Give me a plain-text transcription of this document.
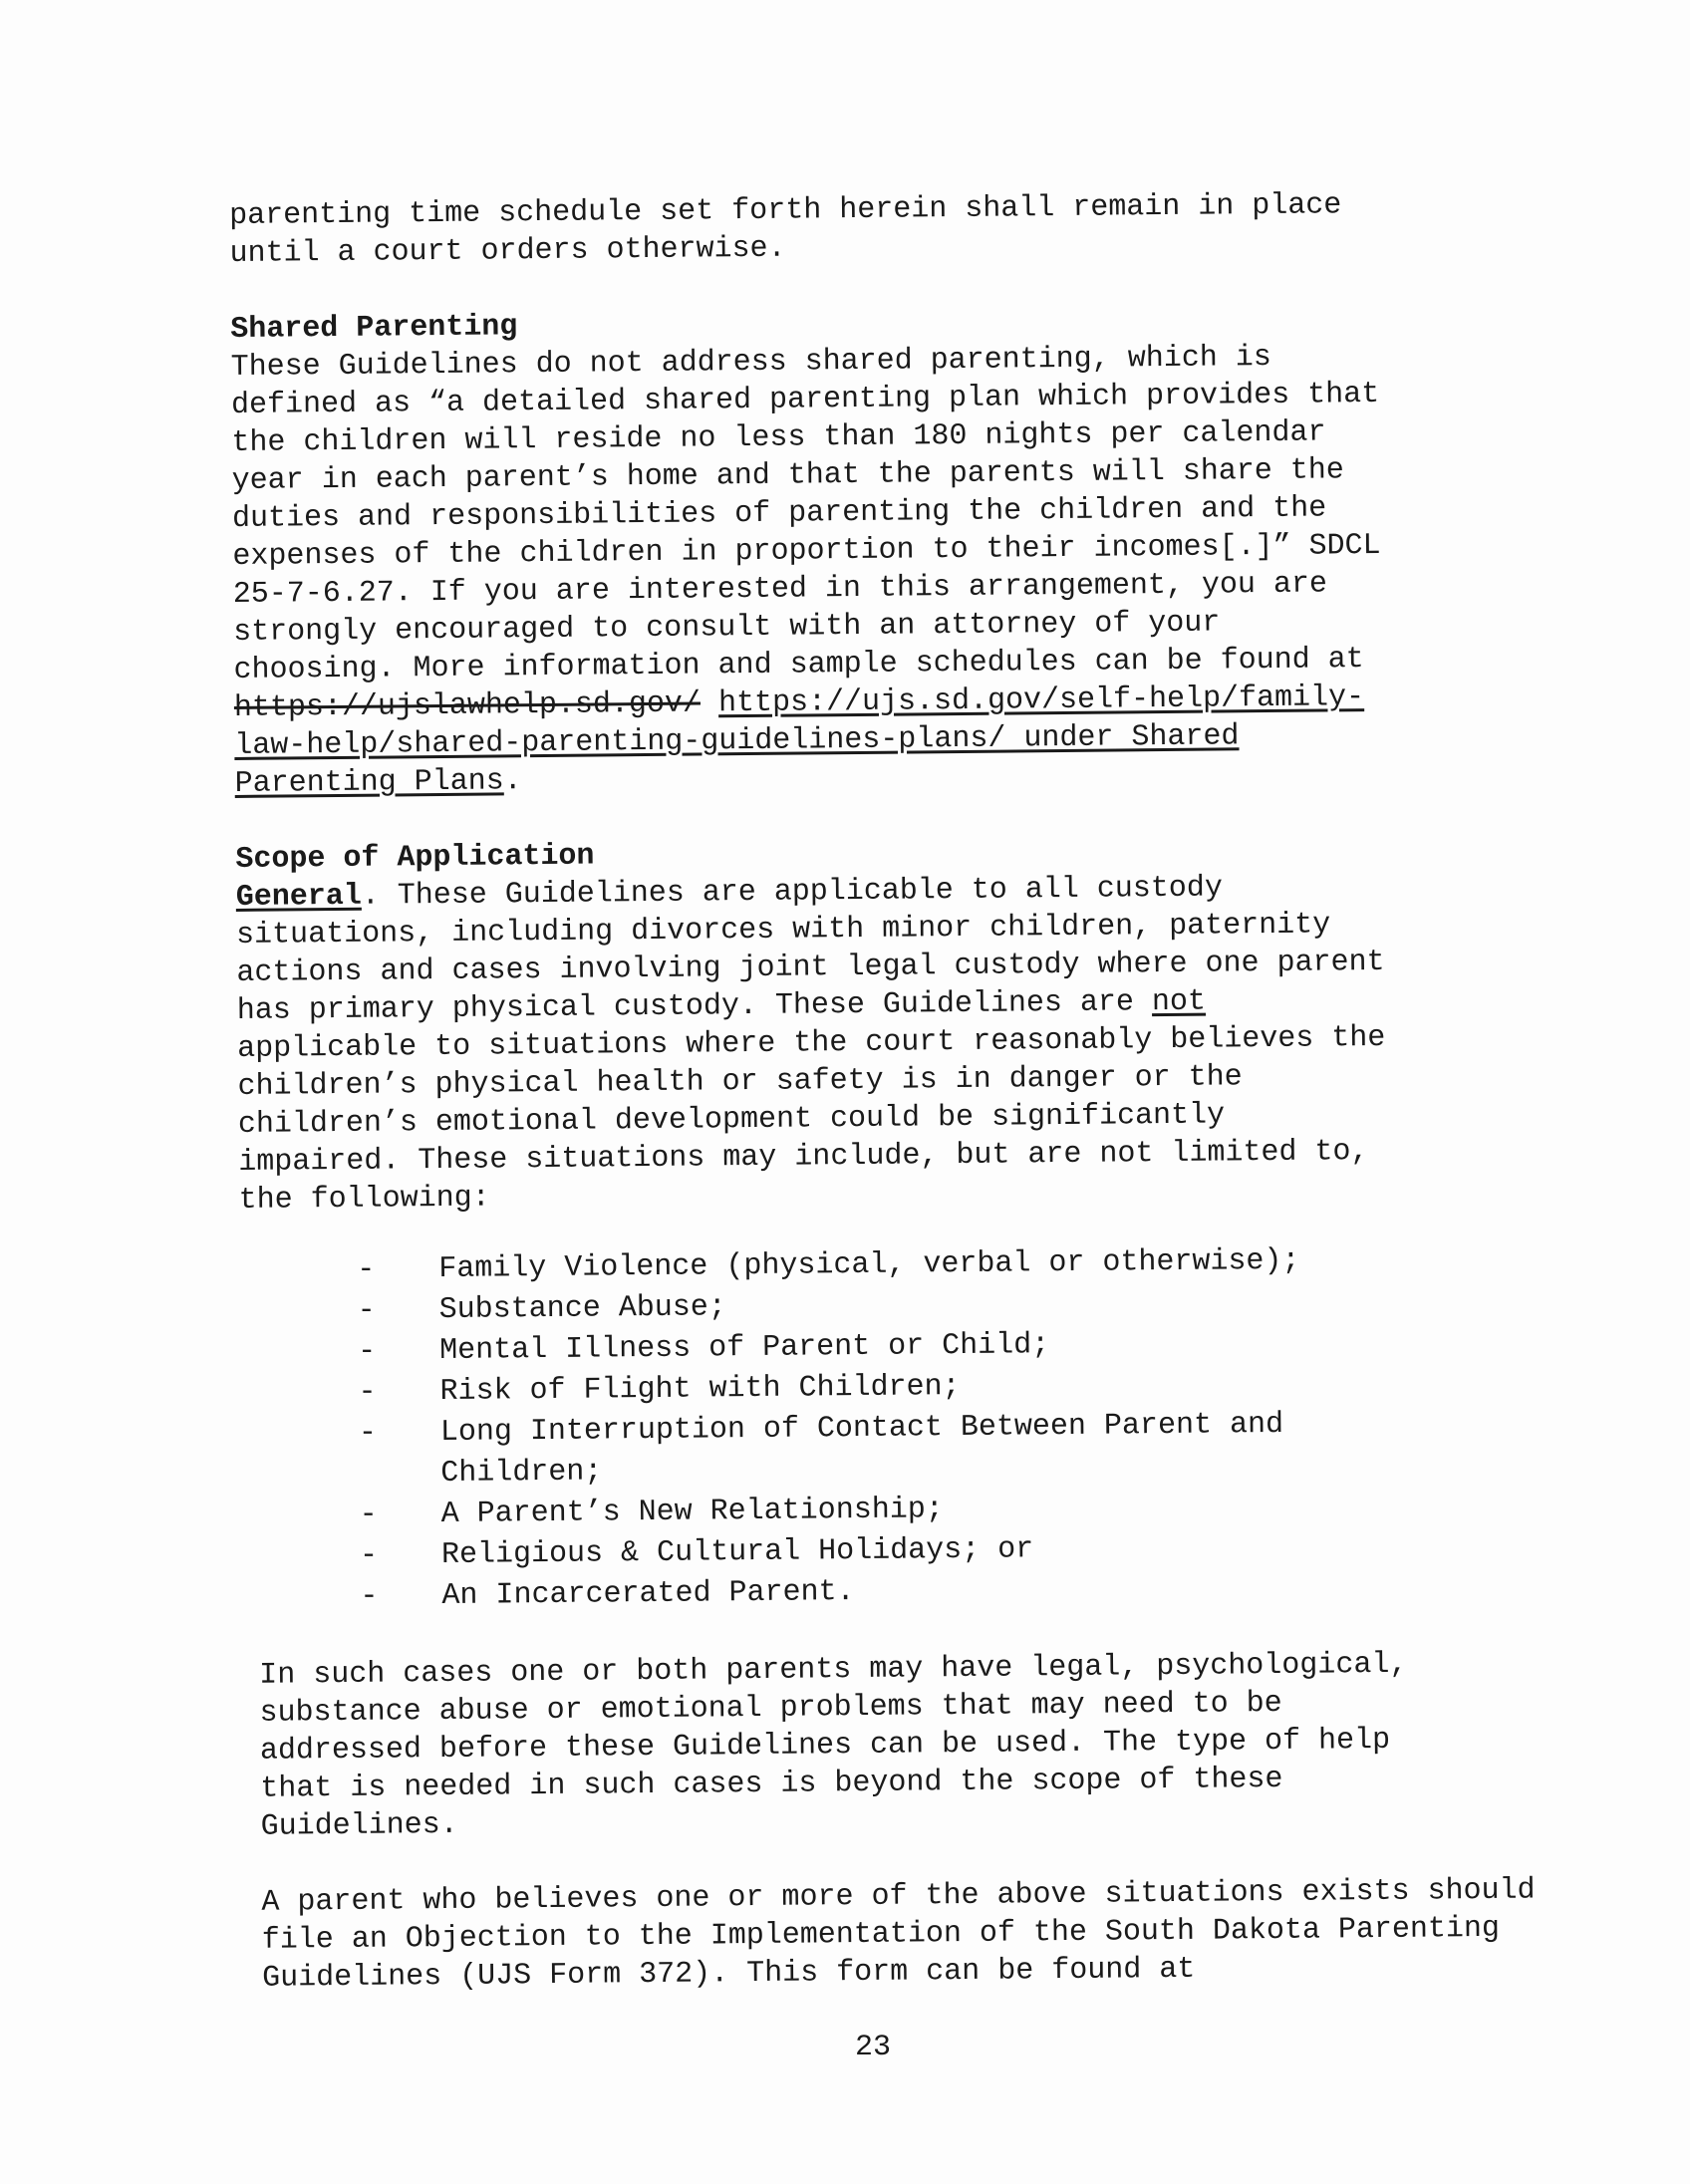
parenting time schedule set forth herein shall remain in place
until a court orders otherwise.
Shared Parenting
These Guidelines do not address shared parenting, which is
defined as “a detailed shared parenting plan which provides that
the children will reside no less than 180 nights per calendar
year in each parent’s home and that the parents will share the
duties and responsibilities of parenting the children and the
expenses of the children in proportion to their incomes[.]” SDCL
25-7-6.27. If you are interested in this arrangement, you are
strongly encouraged to consult with an attorney of your
choosing. More information and sample schedules can be found at
https://ujslawhelp.sd.gov/ https://ujs.sd.gov/self-help/family-
law-help/shared-parenting-guidelines-plans/ under Shared
Parenting Plans.
Scope of Application
General. These Guidelines are applicable to all custody
situations, including divorces with minor children, paternity
actions and cases involving joint legal custody where one parent
has primary physical custody. These Guidelines are not
applicable to situations where the court reasonably believes the
children’s physical health or safety is in danger or the
children’s emotional development could be significantly
impaired. These situations may include, but are not limited to,
the following:
- Family Violence (physical, verbal or otherwise);
- Substance Abuse;
- Mental Illness of Parent or Child;
- Risk of Flight with Children;
- Long Interruption of Contact Between Parent and
Children;
- A Parent’s New Relationship;
- Religious & Cultural Holidays; or
- An Incarcerated Parent.
In such cases one or both parents may have legal, psychological,
substance abuse or emotional problems that may need to be
addressed before these Guidelines can be used. The type of help
that is needed in such cases is beyond the scope of these
Guidelines.
A parent who believes one or more of the above situations exists should
file an Objection to the Implementation of the South Dakota Parenting
Guidelines (UJS Form 372). This form can be found at
23
